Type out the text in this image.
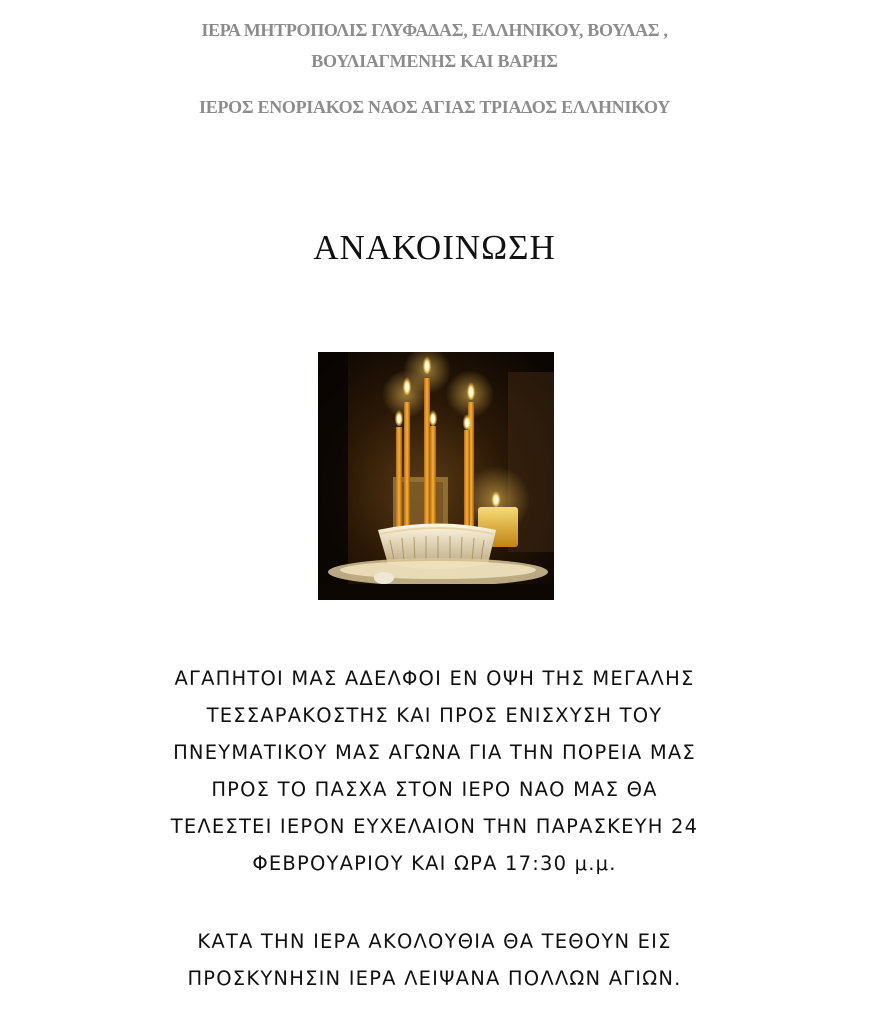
ΙΕΡΑ ΜΗΤΡΟΠΟΛΙΣ ΓΛΥΦΑΔΑΣ, ΕΛΛΗΝΙΚΟΥ, ΒΟΥΛΑΣ ,
ΒΟΥΛΙΑΓΜΕΝΗΣ ΚΑΙ ΒΑΡΗΣ
ΙΕΡΟΣ ΕΝΟΡΙΑΚΟΣ ΝΑΟΣ ΑΓΙΑΣ ΤΡΙΑΔΟΣ ΕΛΛΗΝΙΚΟΥ
ΑΝΑΚΟΙΝΩΣΗ
ΑΓΑΠΗΤΟΙ ΜΑΣ ΑΔΕΛΦΟΙ ΕΝ ΟΨΗ ΤΗΣ ΜΕΓΑΛΗΣ
ΤΕΣΣΑΡΑΚΟΣΤΗΣ ΚΑΙ ΠΡΟΣ ΕΝΙΣΧΥΣΗ ΤΟΥ
ΠΝΕΥΜΑΤΙΚΟΥ ΜΑΣ ΑΓΩΝΑ ΓΙΑ ΤΗΝ ΠΟΡΕΙΑ ΜΑΣ
ΠΡΟΣ ΤΟ ΠΑΣΧΑ ΣΤΟΝ ΙΕΡΟ ΝΑΟ ΜΑΣ ΘΑ
ΤΕΛΕΣΤΕΙ ΙΕΡΟΝ ΕΥΧΕΛΑΙΟΝ ΤΗΝ ΠΑΡΑΣΚΕΥΗ 24
ΦΕΒΡΟΥΑΡΙΟΥ ΚΑΙ ΩΡΑ 17:30 μ.μ.
ΚΑΤΑ ΤΗΝ ΙΕΡΑ ΑΚΟΛΟΥΘΙΑ ΘΑ ΤΕΘΟΥΝ ΕΙΣ
ΠΡΟΣΚΥΝΗΣΙΝ ΙΕΡΑ ΛΕΙΨΑΝΑ ΠΟΛΛΩΝ ΑΓΙΩΝ.
